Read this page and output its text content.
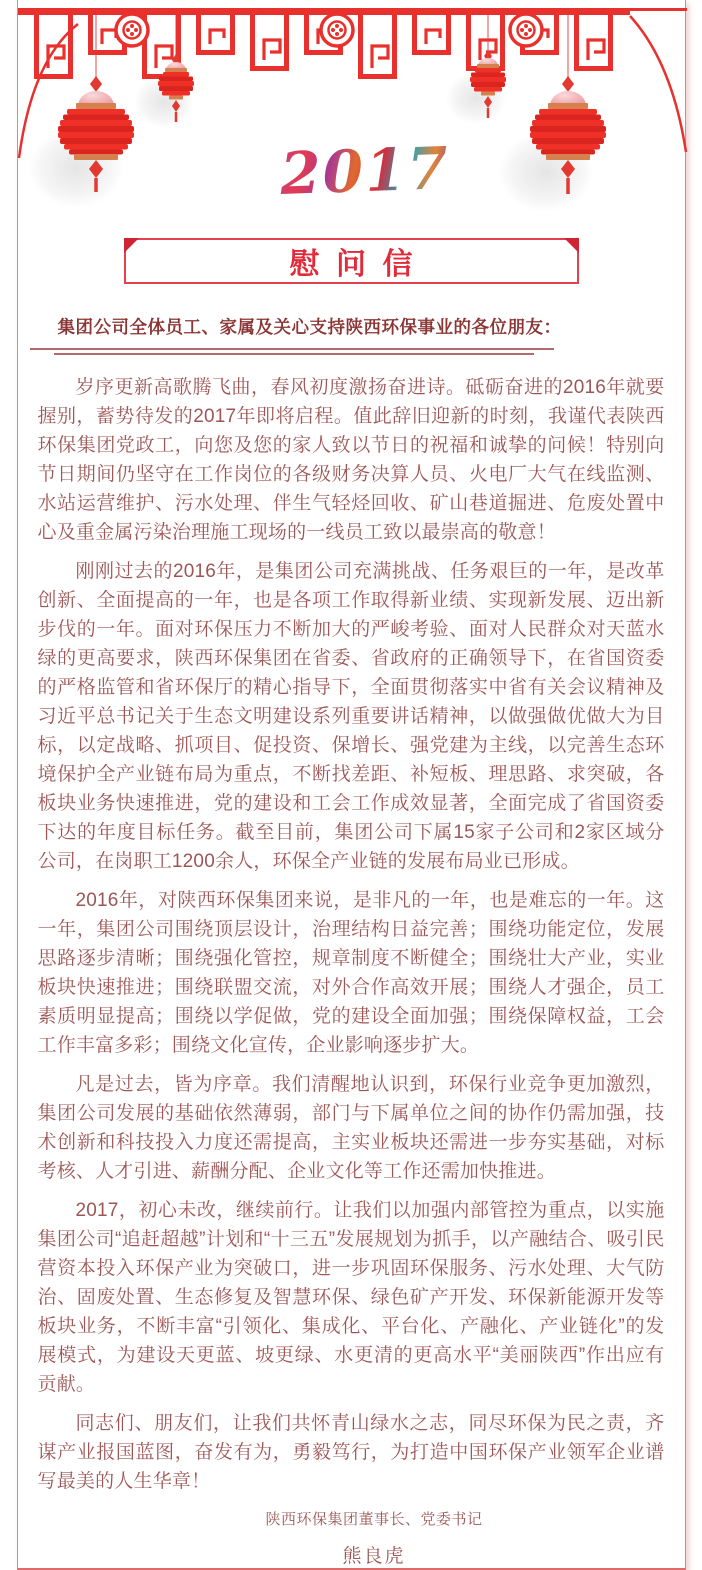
2017
慰问信
集团公司全体员工、家属及关心支持陕西环保事业的各位朋友：

岁序更新高歌腾飞曲，春风初度激扬奋进诗。砥砺奋进的2016年就要握别，蓄势待发的2017年即将启程。值此辞旧迎新的时刻，我谨代表陕西环保集团党政工，向您及您的家人致以节日的祝福和诚挚的问候！特别向节日期间仍坚守在工作岗位的各级财务决算人员、火电厂大气在线监测、水站运营维护、污水处理、伴生气轻烃回收、矿山巷道掘进、危废处置中心及重金属污染治理施工现场的一线员工致以最崇高的敬意！

刚刚过去的2016年，是集团公司充满挑战、任务艰巨的一年，是改革创新、全面提高的一年，也是各项工作取得新业绩、实现新发展、迈出新步伐的一年。面对环保压力不断加大的严峻考验、面对人民群众对天蓝水绿的更高要求，陕西环保集团在省委、省政府的正确领导下，在省国资委的严格监管和省环保厅的精心指导下，全面贯彻落实中省有关会议精神及习近平总书记关于生态文明建设系列重要讲话精神，以做强做优做大为目标，以定战略、抓项目、促投资、保增长、强党建为主线，以完善生态环境保护全产业链布局为重点，不断找差距、补短板、理思路、求突破，各板块业务快速推进，党的建设和工会工作成效显著，全面完成了省国资委下达的年度目标任务。截至目前，集团公司下属15家子公司和2家区域分公司，在岗职工1200余人，环保全产业链的发展布局业已形成。

2016年，对陕西环保集团来说，是非凡的一年，也是难忘的一年。这一年，集团公司围绕顶层设计，治理结构日益完善；围绕功能定位，发展思路逐步清晰；围绕强化管控，规章制度不断健全；围绕壮大产业，实业板块快速推进；围绕联盟交流，对外合作高效开展；围绕人才强企，员工素质明显提高；围绕以学促做，党的建设全面加强；围绕保障权益，工会工作丰富多彩；围绕文化宣传，企业影响逐步扩大。

凡是过去，皆为序章。我们清醒地认识到，环保行业竞争更加激烈，集团公司发展的基础依然薄弱，部门与下属单位之间的协作仍需加强，技术创新和科技投入力度还需提高，主实业板块还需进一步夯实基础，对标考核、人才引进、薪酬分配、企业文化等工作还需加快推进。

2017，初心未改，继续前行。让我们以加强内部管控为重点，以实施集团公司“追赶超越”计划和“十三五”发展规划为抓手，以产融结合、吸引民营资本投入环保产业为突破口，进一步巩固环保服务、污水处理、大气防治、固废处置、生态修复及智慧环保、绿色矿产开发、环保新能源开发等板块业务，不断丰富“引领化、集成化、平台化、产融化、产业链化”的发展模式，为建设天更蓝、坡更绿、水更清的更高水平“美丽陕西”作出应有贡献。

同志们、朋友们，让我们共怀青山绿水之志，同尽环保为民之责，齐谋产业报国蓝图，奋发有为，勇毅笃行，为打造中国环保产业领军企业谱写最美的人生华章！

陕西环保集团董事长、党委书记
熊良虎
